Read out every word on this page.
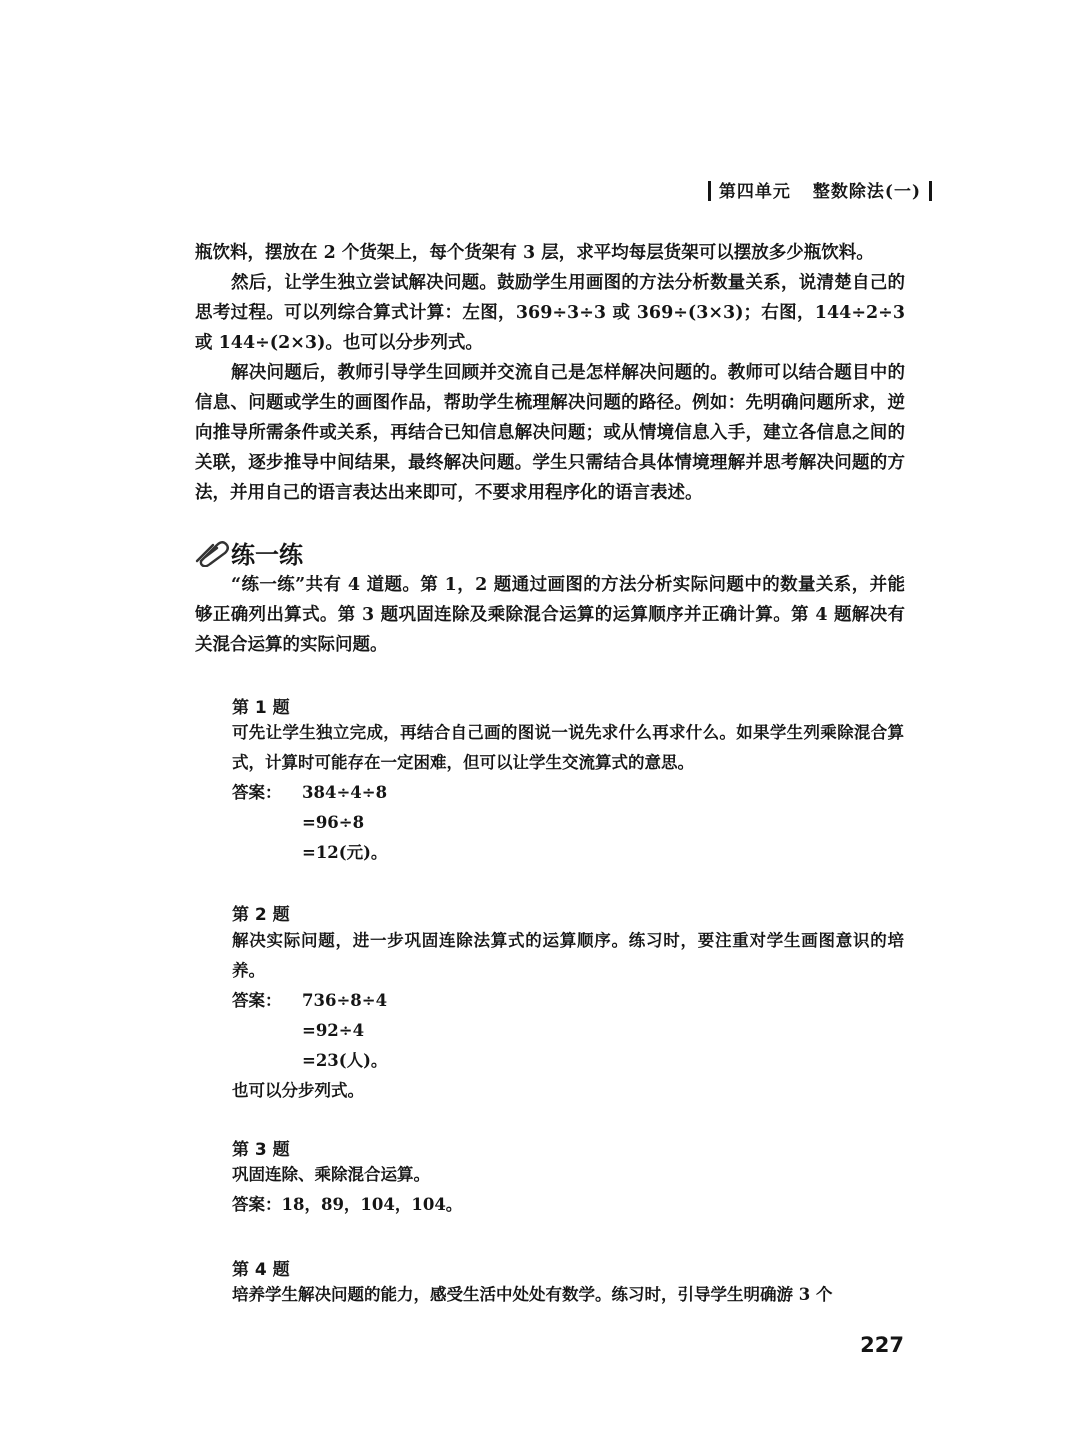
第四单元 整数除法(一)

瓶饮料，摆放在 2 个货架上，每个货架有 3 层，求平均每层货架可以摆放多少瓶饮料。

然后，让学生独立尝试解决问题。鼓励学生用画图的方法分析数量关系，说清楚自己的思考过程。可以列综合算式计算：左图，369÷3÷3 或 369÷(3×3)；右图，144÷2÷3 或 144÷(2×3)。也可以分步列式。

解决问题后，教师引导学生回顾并交流自己是怎样解决问题的。教师可以结合题目中的信息、问题或学生的画图作品，帮助学生梳理解决问题的路径。例如：先明确问题所求，逆向推导所需条件或关系，再结合已知信息解决问题；或从情境信息入手，建立各信息之间的关联，逐步推导中间结果，最终解决问题。学生只需结合具体情境理解并思考解决问题的方法，并用自己的语言表达出来即可，不要求用程序化的语言表述。

练一练

“练一练”共有 4 道题。第 1，2 题通过画图的方法分析实际问题中的数量关系，并能够正确列出算式。第 3 题巩固连除及乘除混合运算的运算顺序并正确计算。第 4 题解决有关混合运算的实际问题。

第 1 题
可先让学生独立完成，再结合自己画的图说一说先求什么再求什么。如果学生列乘除混合算式，计算时可能存在一定困难，但可以让学生交流算式的意思。
答案：	384÷4÷8
=96÷8
=12(元)。
第 2 题
解决实际问题，进一步巩固连除法算式的运算顺序。练习时，要注重对学生画图意识的培养。
答案：	736÷8÷4
=92÷4
=23(人)。
也可以分步列式。
第 3 题
巩固连除、乘除混合运算。
答案：18，89，104，104。
第 4 题
培养学生解决问题的能力，感受生活中处处有数学。练习时，引导学生明确游 3 个
227
